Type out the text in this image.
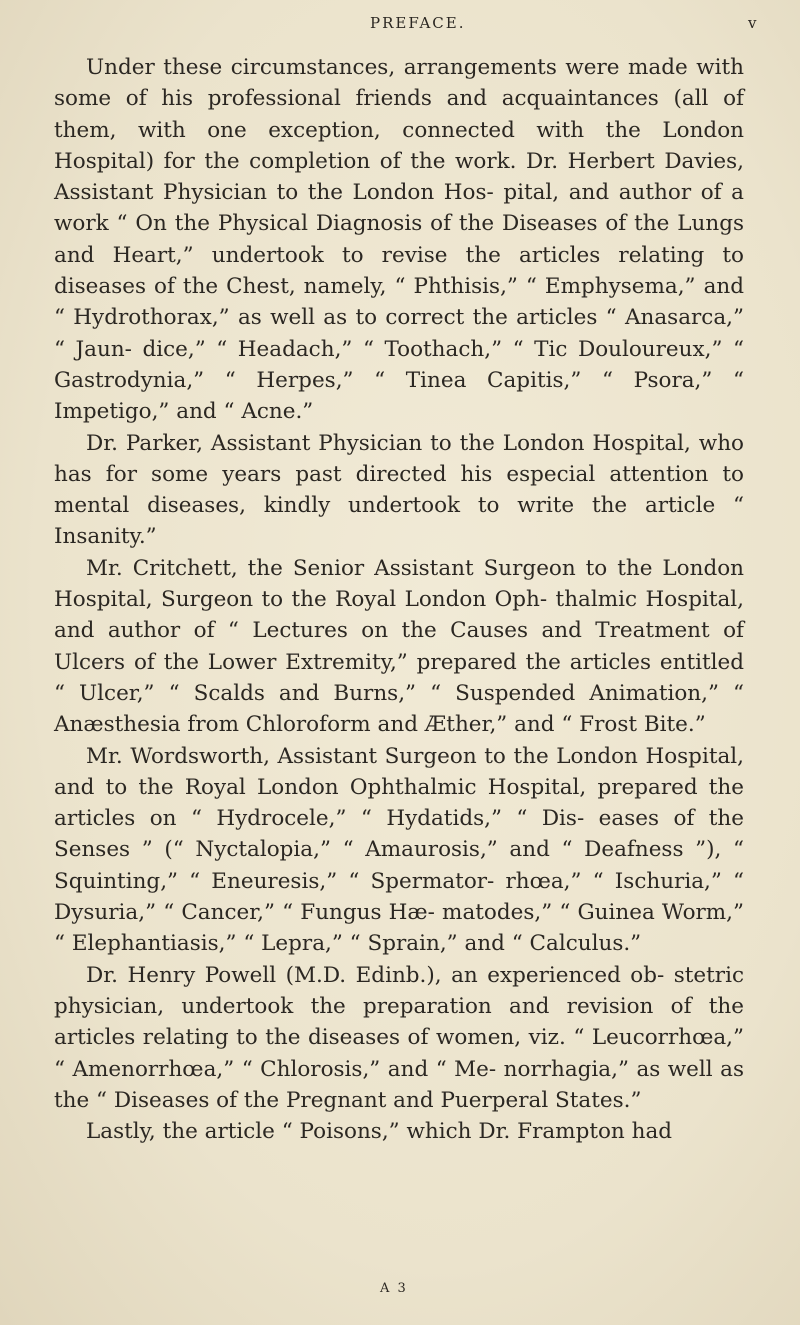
PREFACE.	v

Under these circumstances, arrangements were made with some of his professional friends and acquaintances (all of them, with one exception, connected with the London Hospital) for the completion of the work. Dr. Herbert Davies, Assistant Physician to the London Hos- pital, and author of a work “ On the Physical Diagnosis of the Diseases of the Lungs and Heart,” undertook to revise the articles relating to diseases of the Chest, namely, “ Phthisis,” “ Emphysema,” and “ Hydrothorax,” as well as to correct the articles “ Anasarca,” “ Jaun- dice,” “ Headach,” “ Toothach,” “ Tic Douloureux,” “ Gastrodynia,” “ Herpes,” “ Tinea Capitis,” “ Psora,” “ Impetigo,” and “ Acne.”

Dr. Parker, Assistant Physician to the London Hospital, who has for some years past directed his especial attention to mental diseases, kindly undertook to write the article “ Insanity.”

Mr. Critchett, the Senior Assistant Surgeon to the London Hospital, Surgeon to the Royal London Oph- thalmic Hospital, and author of “ Lectures on the Causes and Treatment of Ulcers of the Lower Extremity,” prepared the articles entitled “ Ulcer,” “ Scalds and Burns,” “ Suspended Animation,” “ Anæsthesia from Chloroform and Æther,” and “ Frost Bite.”

Mr. Wordsworth, Assistant Surgeon to the London Hospital, and to the Royal London Ophthalmic Hospital, prepared the articles on “ Hydrocele,” “ Hydatids,” “ Dis- eases of the Senses ” (“ Nyctalopia,” “ Amaurosis,” and “ Deafness ”), “ Squinting,” “ Eneuresis,” “ Spermator- rhœa,” “ Ischuria,” “ Dysuria,” “ Cancer,” “ Fungus Hæ- matodes,” “ Guinea Worm,” “ Elephantiasis,” “ Lepra,” “ Sprain,” and “ Calculus.”

Dr. Henry Powell (M.D. Edinb.), an experienced ob- stetric physician, undertook the preparation and revision of the articles relating to the diseases of women, viz. “ Leucorrhœa,” “ Amenorrhœa,” “ Chlorosis,” and “ Me- norrhagia,” as well as the “ Diseases of the Pregnant and Puerperal States.”

Lastly, the article “ Poisons,” which Dr. Frampton had

A 3
